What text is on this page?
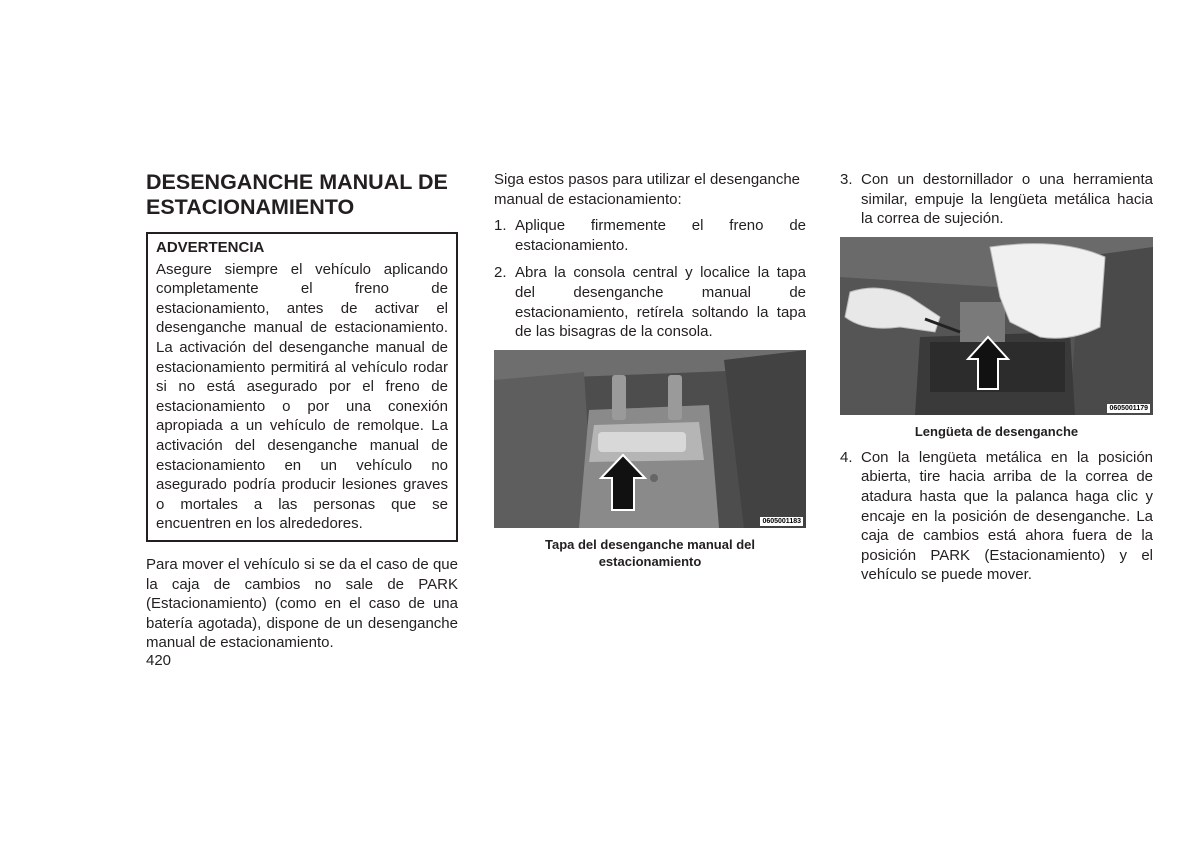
DESENGANCHE MANUAL DE
ESTACIONAMIENTO
ADVERTENCIA

Asegure siempre el vehículo aplicando completamente el freno de estacionamiento, antes de activar el desenganche manual de estacionamiento. La activación del desenganche manual de estacionamiento permitirá al vehículo rodar si no está asegurado por el freno de estacionamiento o por una conexión apropiada a un vehículo de remolque. La activación del desenganche manual de estacionamiento en un vehículo no asegurado podría producir lesiones graves o mortales a las personas que se encuentren en los alrededores.

Para mover el vehículo si se da el caso de que la caja de cambios no sale de PARK (Estacionamiento) (como en el caso de una batería agotada), dispone de un desenganche manual de estacionamiento.

420

Siga estos pasos para utilizar el desenganche manual de estacionamiento:

1. Aplique firmemente el freno de estacionamiento.
2. Abra la consola central y localice la tapa del desenganche manual de estacionamiento, retírela soltando la tapa de las bisagras de la consola.
0605001183
Tapa del desenganche manual del estacionamiento
3. Con un destornillador o una herramienta similar, empuje la lengüeta metálica hacia la correa de sujeción.
0605001179
Lengüeta de desenganche
4. Con la lengüeta metálica en la posición abierta, tire hacia arriba de la correa de atadura hasta que la palanca haga clic y encaje en la posición de desenganche. La caja de cambios está ahora fuera de la posición PARK (Estacionamiento) y el vehículo se puede mover.
